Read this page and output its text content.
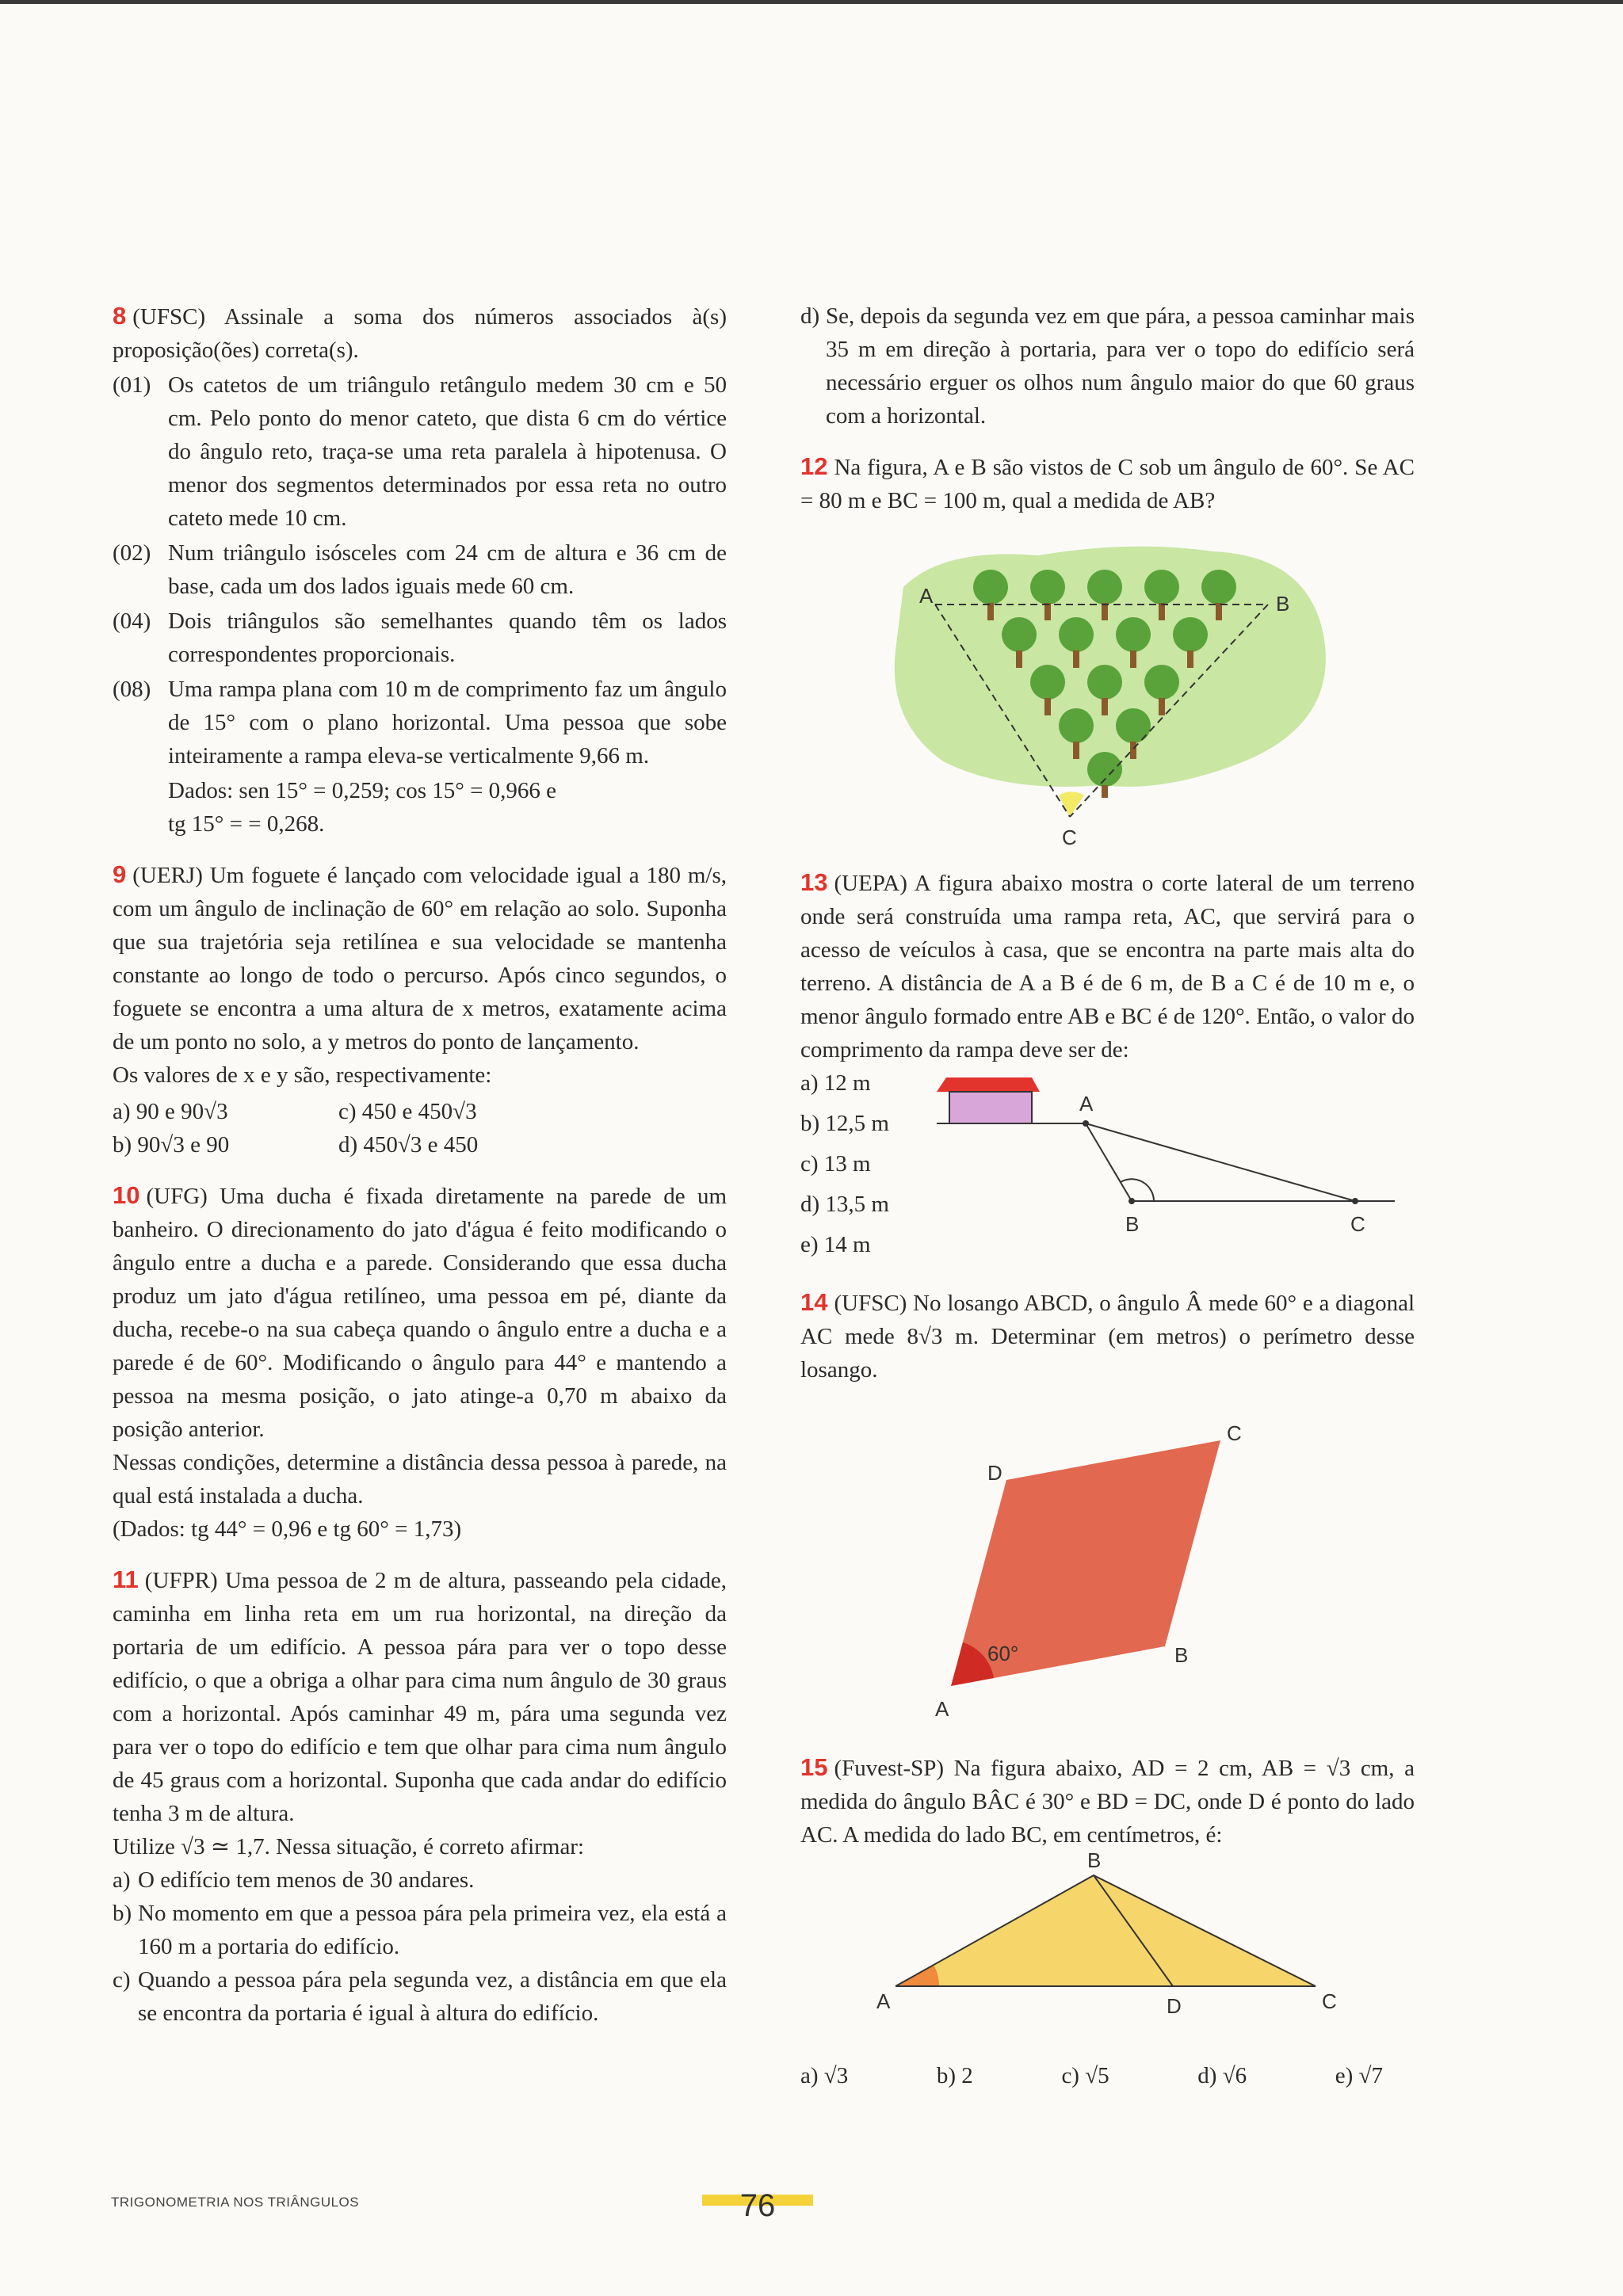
8 (UFSC) Assinale a soma dos números associados à(s) proposição(ões) correta(s).

(01) Os catetos de um triângulo retângulo medem 30 cm e 50 cm. Pelo ponto do menor cateto, que dista 6 cm do vértice do ângulo reto, traça-se uma reta paralela à hipotenusa. O menor dos segmentos determinados por essa reta no outro cateto mede 10 cm.
(02) Num triângulo isósceles com 24 cm de altura e 36 cm de base, cada um dos lados iguais mede 60 cm.
(04) Dois triângulos são semelhantes quando têm os lados correspondentes proporcionais.
(08) Uma rampa plana com 10 m de comprimento faz um ângulo de 15° com o plano horizontal. Uma pessoa que sobe inteiramente a rampa eleva-se verticalmente 9,66 m.
Dados: sen 15° = 0,259; cos 15° = 0,966 e
tg 15° = = 0,268.

9 (UERJ) Um foguete é lançado com velocidade igual a 180 m/s, com um ângulo de inclinação de 60° em relação ao solo. Suponha que sua trajetória seja retilínea e sua velocidade se mantenha constante ao longo de todo o percurso. Após cinco segundos, o foguete se encontra a uma altura de x metros, exatamente acima de um ponto no solo, a y metros do ponto de lançamento.

Os valores de x e y são, respectivamente:

a) 90 e 90√3	c) 450 e 450√3
b) 90√3 e 90	d) 450√3 e 450

10 (UFG) Uma ducha é fixada diretamente na parede de um banheiro. O direcionamento do jato d'água é feito modificando o ângulo entre a ducha e a parede. Considerando que essa ducha produz um jato d'água retilíneo, uma pessoa em pé, diante da ducha, recebe-o na sua cabeça quando o ângulo entre a ducha e a parede é de 60°. Modificando o ângulo para 44° e mantendo a pessoa na mesma posição, o jato atinge-a 0,70 m abaixo da posição anterior.

Nessas condições, determine a distância dessa pessoa à parede, na qual está instalada a ducha.

(Dados: tg 44° = 0,96 e tg 60° = 1,73)

11 (UFPR) Uma pessoa de 2 m de altura, passeando pela cidade, caminha em linha reta em um rua horizontal, na direção da portaria de um edifício. A pessoa pára para ver o topo desse edifício, o que a obriga a olhar para cima num ângulo de 30 graus com a horizontal. Após caminhar 49 m, pára uma segunda vez para ver o topo do edifício e tem que olhar para cima num ângulo de 45 graus com a horizontal. Suponha que cada andar do edifício tenha 3 m de altura.

Utilize √3 ≃ 1,7. Nessa situação, é correto afirmar:

a) O edifício tem menos de 30 andares.
b) No momento em que a pessoa pára pela primeira vez, ela está a 160 m a portaria do edifício.
c) Quando a pessoa pára pela segunda vez, a distância em que ela se encontra da portaria é igual à altura do edifício.
d) Se, depois da segunda vez em que pára, a pessoa caminhar mais 35 m em direção à portaria, para ver o topo do edifício será necessário erguer os olhos num ângulo maior do que 60 graus com a horizontal.

12 Na figura, A e B são vistos de C sob um ângulo de 60°. Se AC = 80 m e BC = 100 m, qual a medida de AB?

A	B
C

13 (UEPA) A figura abaixo mostra o corte lateral de um terreno onde será construída uma rampa reta, AC, que servirá para o acesso de veículos à casa, que se encontra na parte mais alta do terreno. A distância de A a B é de 6 m, de B a C é de 10 m e, o menor ângulo formado entre AB e BC é de 120°. Então, o valor do comprimento da rampa deve ser de:

a) 12 m
b) 12,5 m
c) 13 m
d) 13,5 m
e) 14 m
A
B	C

14 (UFSC) No losango ABCD, o ângulo Â mede 60° e a diagonal AC mede 8√3 m. Determinar (em metros) o perímetro desse losango.

60°
A
B
C
D

15 (Fuvest-SP) Na figura abaixo, AD = 2 cm, AB = √3 cm, a medida do ângulo BÂC é 30° e BD = DC, onde D é ponto do lado AC. A medida do lado BC, em centímetros, é:

A
B
C
D
a) √3	b) 2	c) √5	d) √6	e) √7
TRIGONOMETRIA NOS TRIÂNGULOS	76
